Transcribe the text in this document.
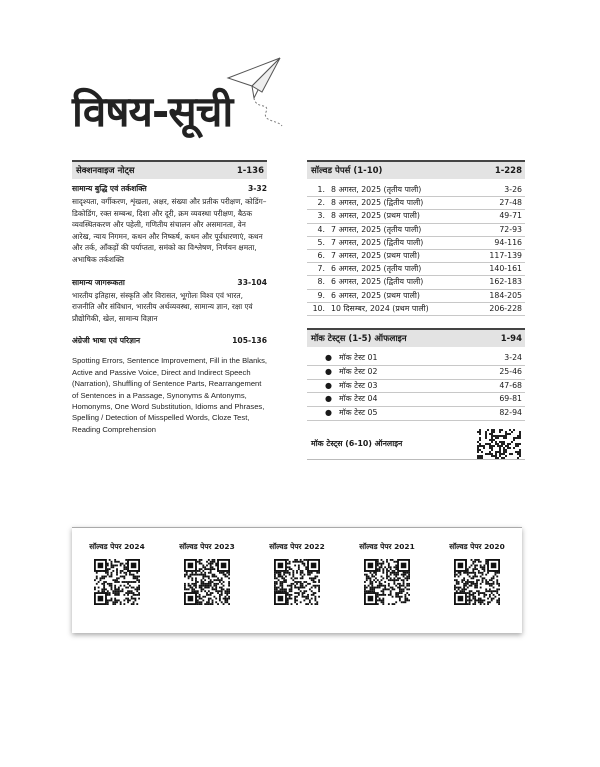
विषय-सूची
सेक्शनवाइज नोट्स	1-136
सामान्य बुद्धि एवं तर्कशक्ति	3-32
सादृश्यता, वर्गीकरण, शृंखला, अक्षर, संख्या और प्रतीक परीक्षण, कोडिंग–डिकोडिंग, रक्त सम्बन्ध, दिशा और दूरी, क्रम व्यवस्था परीक्षण, बैठक व्यवस्थितकरण और पहेली, गणितीय संचालन और असमानता, वेन आरेख, न्याय निगमन, कथन और निष्कर्ष, कथन और पूर्वधारणाएं, कथन और तर्क, आँकड़ों की पर्याप्तता, समंको का विश्लेषण, निर्णयन क्षमता, अभाषिक तर्कशक्ति
सामान्य जागरूकता	33-104
भारतीय इतिहास, संस्कृति और विरासत, भूगोलः विश्व एवं भारत, राजनीति और संविधान, भारतीय अर्थव्यवस्था, सामान्य ज्ञान, रक्षा एवं प्रौद्योगिकी, खेल, सामान्य विज्ञान
अंग्रेजी भाषा एवं परिज्ञान	105-136
Spotting Errors, Sentence Improvement, Fill in the Blanks, Active and Passive Voice, Direct and Indirect Speech (Narration), Shuffling of Sentence Parts, Rearrangement of Sentences in a Passage, Synonyms & Antonyms, Homonyms, One Word Substitution, Idioms and Phrases, Spelling / Detection of Misspelled Words, Cloze Test, Reading Comprehension
सॉल्वड पेपर्स (1-10)	1-228
1. 8 अगस्त, 2025 (तृतीय पाली)	3-26
2. 8 अगस्त, 2025 (द्वितीय पाली)	27-48
3. 8 अगस्त, 2025 (प्रथम पाली)	49-71
4. 7 अगस्त, 2025 (तृतीय पाली)	72-93
5. 7 अगस्त, 2025 (द्वितीय पाली)	94-116
6. 7 अगस्त, 2025 (प्रथम पाली)	117-139
7. 6 अगस्त, 2025 (तृतीय पाली)	140-161
8. 6 अगस्त, 2025 (द्वितीय पाली)	162-183
9. 6 अगस्त, 2025 (प्रथम पाली)	184-205
10. 10 दिसम्बर, 2024 (प्रथम पाली)	206-228
मॉक टेस्ट्स (1-5) ऑफलाइन	1-94
● मॉक टेस्ट 01	3-24
● मॉक टेस्ट 02	25-46
● मॉक टेस्ट 03	47-68
● मॉक टेस्ट 04	69-81
● मॉक टेस्ट 05	82-94
मॉक टेस्ट्स (6-10) ऑनलाइन
सॉल्वड पेपर 2024	सॉल्वड पेपर 2023	सॉल्वड पेपर 2022	सॉल्वड पेपर 2021	सॉल्वड पेपर 2020
